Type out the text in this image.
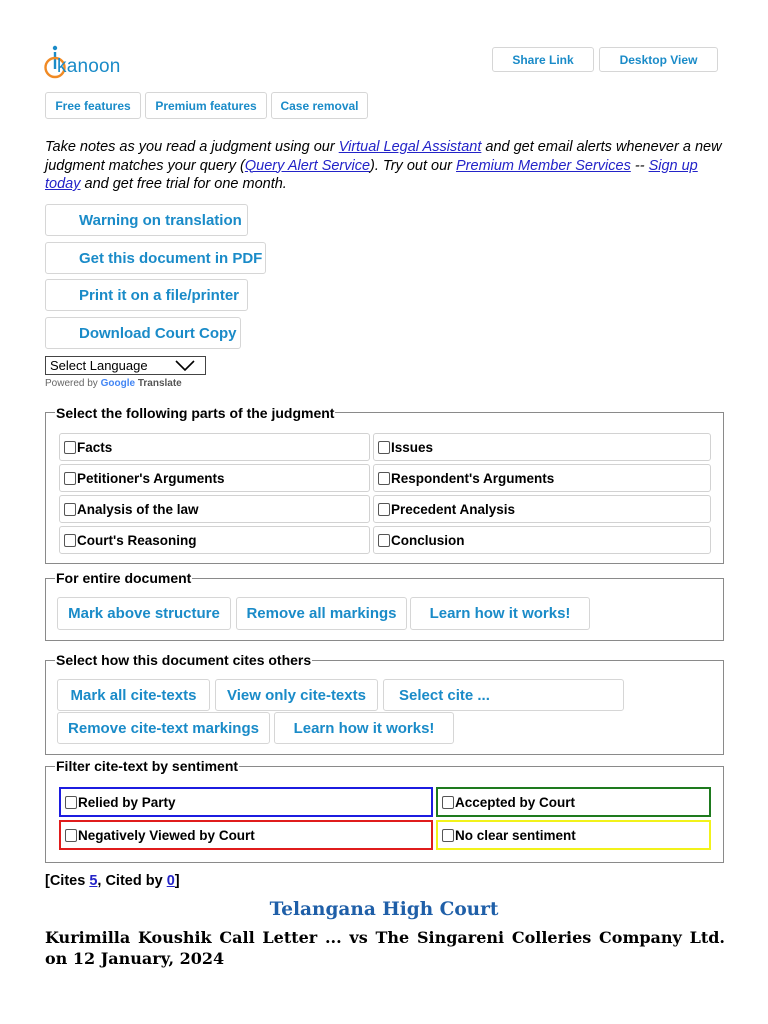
kanoon	Share Link	Desktop View
Free features	Premium features	Case removal
Take notes as you read a judgment using our Virtual Legal Assistant and get email alerts whenever a new judgment matches your query (Query Alert Service). Try out our Premium Member Services -- Sign up today and get free trial for one month.
Warning on translation
Get this document in PDF
Print it on a file/printer
Download Court Copy
Select Language
Powered by Google Translate
Select the following parts of the judgment
Facts	Issues
Petitioner's Arguments	Respondent's Arguments
Analysis of the law	Precedent Analysis
Court's Reasoning	Conclusion
For entire document
Mark above structure	Remove all markings	Learn how it works!
Select how this document cites others
Mark all cite-texts	View only cite-texts	Select cite ...
Remove cite-text markings	Learn how it works!
Filter cite-text by sentiment
Relied by Party	Accepted by Court
Negatively Viewed by Court	No clear sentiment
[Cites 5, Cited by 0]
Telangana High Court
Kurimilla Koushik Call Letter ... vs The Singareni Colleries Company Ltd. on 12 January, 2024
